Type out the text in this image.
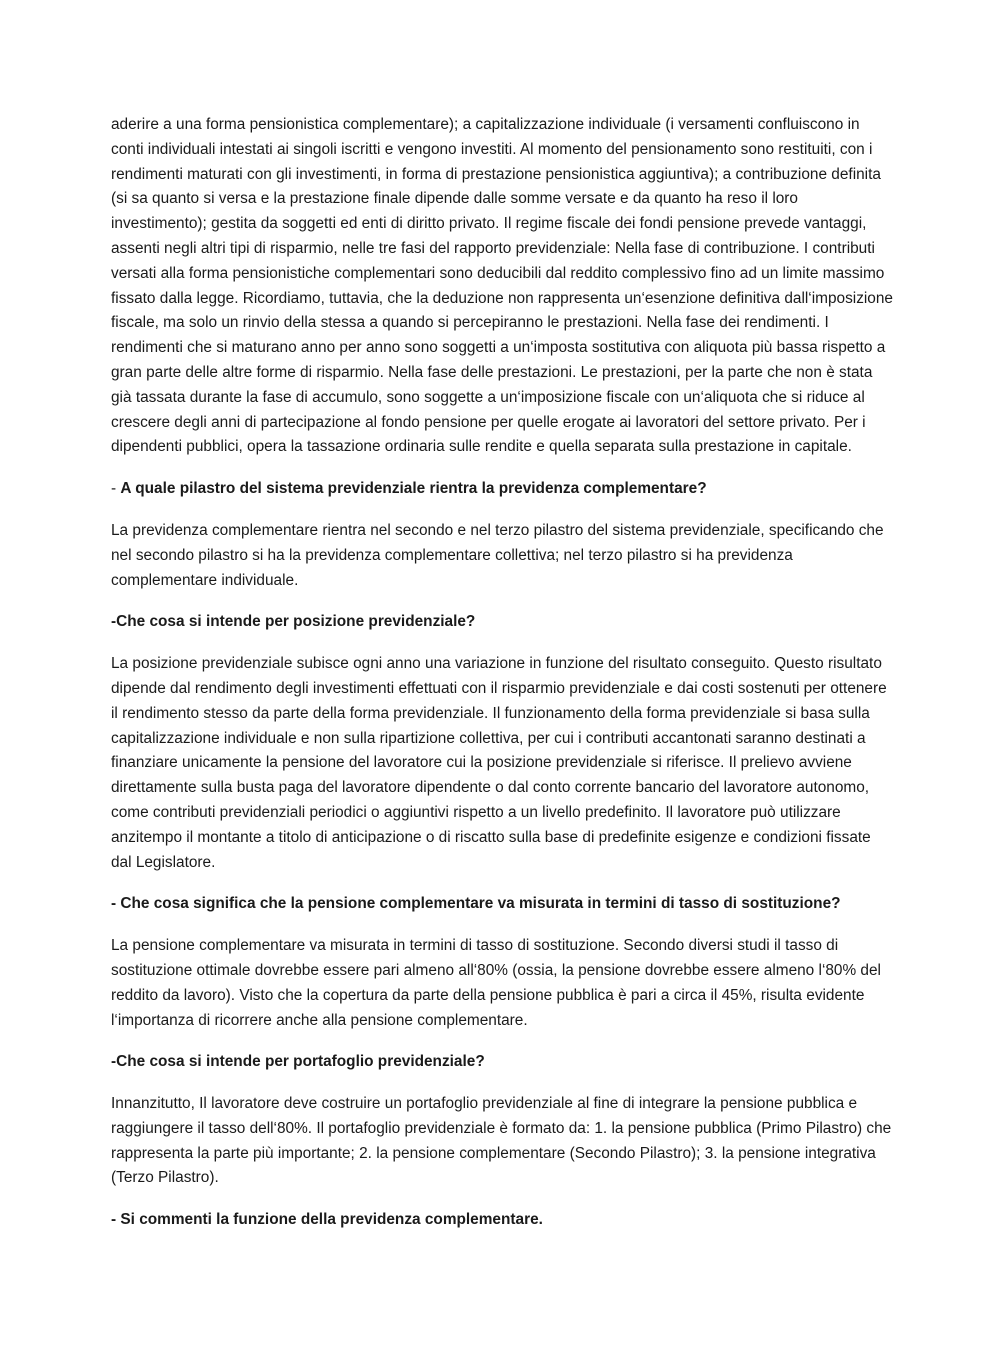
aderire a una forma pensionistica complementare); a capitalizzazione individuale (i versamenti confluiscono in conti individuali intestati ai singoli iscritti e vengono investiti. Al momento del pensionamento sono restituiti, con i rendimenti maturati con gli investimenti, in forma di prestazione pensionistica aggiuntiva); a contribuzione definita (si sa quanto si versa e la prestazione finale dipende dalle somme versate e da quanto ha reso il loro investimento); gestita da soggetti ed enti di diritto privato. Il regime fiscale dei fondi pensione prevede vantaggi, assenti negli altri tipi di risparmio, nelle tre fasi del rapporto previdenziale: Nella fase di contribuzione. I contributi versati alla forma pensionistiche complementari sono deducibili dal reddito complessivo fino ad un limite massimo fissato dalla legge. Ricordiamo, tuttavia, che la deduzione non rappresenta un‘esenzione definitiva dall‘imposizione fiscale, ma solo un rinvio della stessa a quando si percepiranno le prestazioni. Nella fase dei rendimenti. I rendimenti che si maturano anno per anno sono soggetti a un‘imposta sostitutiva con aliquota più bassa rispetto a gran parte delle altre forme di risparmio. Nella fase delle prestazioni. Le prestazioni, per la parte che non è stata già tassata durante la fase di accumulo, sono soggette a un‘imposizione fiscale con un‘aliquota che si riduce al crescere degli anni di partecipazione al fondo pensione per quelle erogate ai lavoratori del settore privato. Per i dipendenti pubblici, opera la tassazione ordinaria sulle rendite e quella separata sulla prestazione in capitale.

- A quale pilastro del sistema previdenziale rientra la previdenza complementare?

La previdenza complementare rientra nel secondo e nel terzo pilastro del sistema previdenziale, specificando che nel secondo pilastro si ha la previdenza complementare collettiva; nel terzo pilastro si ha previdenza complementare individuale.

-Che cosa si intende per posizione previdenziale?

La posizione previdenziale subisce ogni anno una variazione in funzione del risultato conseguito. Questo risultato dipende dal rendimento degli investimenti effettuati con il risparmio previdenziale e dai costi sostenuti per ottenere il rendimento stesso da parte della forma previdenziale. Il funzionamento della forma previdenziale si basa sulla capitalizzazione individuale e non sulla ripartizione collettiva, per cui i contributi accantonati saranno destinati a finanziare unicamente la pensione del lavoratore cui la posizione previdenziale si riferisce. Il prelievo avviene direttamente sulla busta paga del lavoratore dipendente o dal conto corrente bancario del lavoratore autonomo, come contributi previdenziali periodici o aggiuntivi rispetto a un livello predefinito. Il lavoratore può utilizzare anzitempo il montante a titolo di anticipazione o di riscatto sulla base di predefinite esigenze e condizioni fissate dal Legislatore.

- Che cosa significa che la pensione complementare va misurata in termini di tasso di sostituzione?

La pensione complementare va misurata in termini di tasso di sostituzione. Secondo diversi studi il tasso di sostituzione ottimale dovrebbe essere pari almeno all‘80% (ossia, la pensione dovrebbe essere almeno l‘80% del reddito da lavoro). Visto che la copertura da parte della pensione pubblica è pari a circa il 45%, risulta evidente l‘importanza di ricorrere anche alla pensione complementare.

-Che cosa si intende per portafoglio previdenziale?

Innanzitutto, Il lavoratore deve costruire un portafoglio previdenziale al fine di integrare la pensione pubblica e raggiungere il tasso dell‘80%. Il portafoglio previdenziale è formato da: 1. la pensione pubblica (Primo Pilastro) che rappresenta la parte più importante; 2. la pensione complementare (Secondo Pilastro); 3. la pensione integrativa (Terzo Pilastro).

- Si commenti la funzione della previdenza complementare.
